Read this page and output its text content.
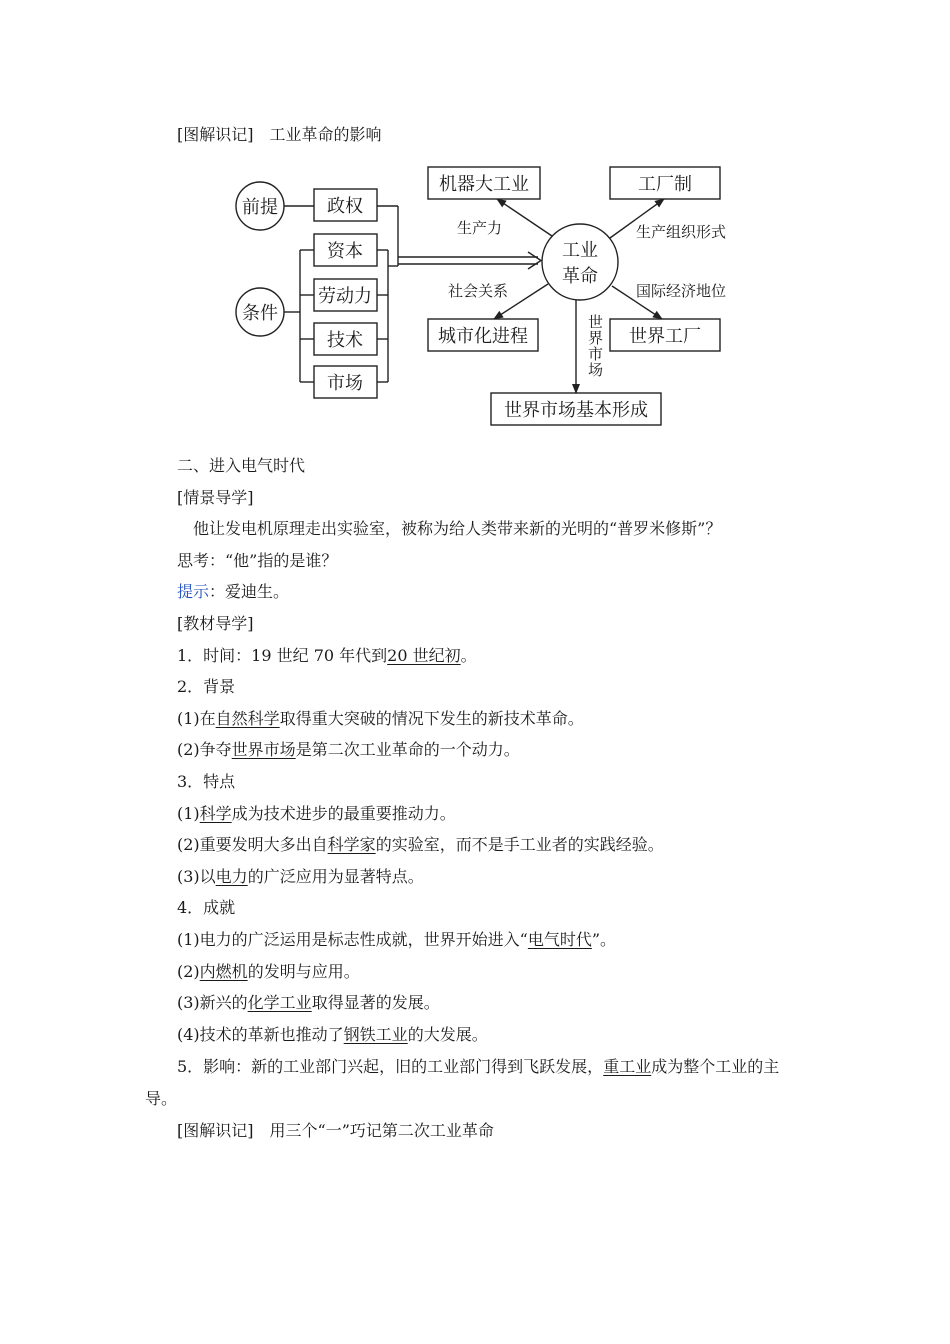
[图解识记]　 工业革命的影响
前提	政权
条件
资本
劳动力
技术
市场
工业
革命
机器大工业	工厂制
城市化进程	世界工厂
世界市场基本形成
生产力	生产组织形式
社会关系	国际经济地位
世
界
市
场
二、进入电气时代
[情景导学]
他让发电机原理走出实验室，被称为给人类带来新的光明的“普罗米修斯”？
思考：“他”指的是谁？
提示：爱迪生。
[教材导学]
1．时间：19 世纪 70 年代到20 世纪初。
2．背景
(1)在自然科学取得重大突破的情况下发生的新技术革命。
(2)争夺世界市场是第二次工业革命的一个动力。
3．特点
(1)科学成为技术进步的最重要推动力。
(2)重要发明大多出自科学家的实验室，而不是手工业者的实践经验。
(3)以电力的广泛应用为显著特点。
4．成就
(1)电力的广泛运用是标志性成就，世界开始进入“电气时代”。
(2)内燃机的发明与应用。
(3)新兴的化学工业取得显著的发展。
(4)技术的革新也推动了钢铁工业的大发展。
5．影响：新的工业部门兴起，旧的工业部门得到飞跃发展，重工业成为整个工业的主
导。
[图解识记]　 用三个“一”巧记第二次工业革命
